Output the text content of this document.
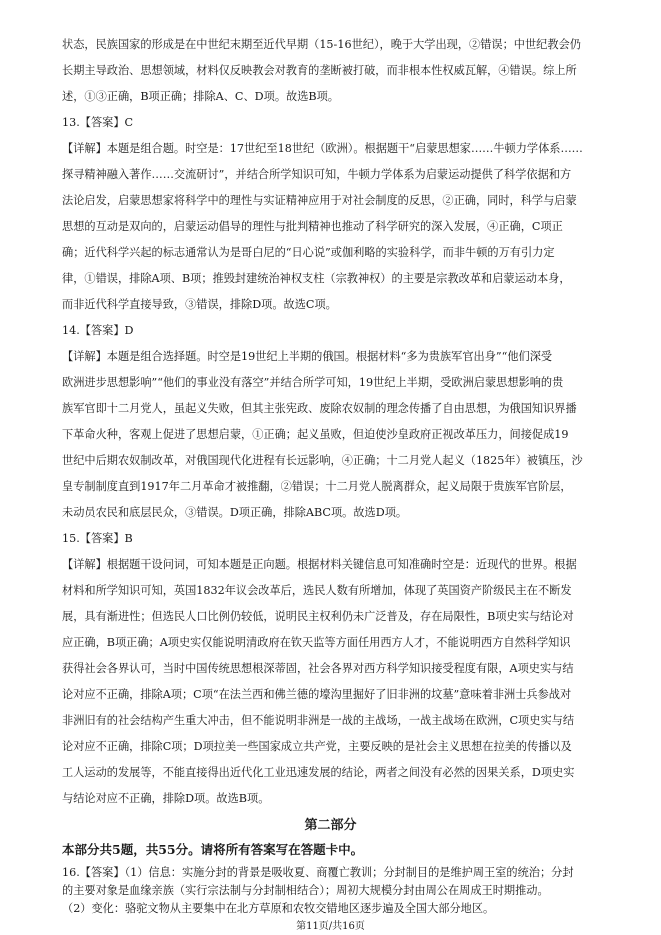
状态，民族国家的形成是在中世纪末期至近代早期（15-16世纪），晚于大学出现，②错误；中世纪教会仍
长期主导政治、思想领域，材料仅反映教会对教育的垄断被打破，而非根本性权威瓦解，④错误。综上所
述，①③正确，B项正确；排除A、C、D项。故选B项。
13.【答案】C
【详解】本题是组合题。时空是：17世纪至18世纪（欧洲）。根据题干“启蒙思想家……牛顿力学体系……
探寻精神融入著作……交流研讨”，并结合所学知识可知，牛顿力学体系为启蒙运动提供了科学依据和方
法论启发，启蒙思想家将科学中的理性与实证精神应用于对社会制度的反思，②正确，同时，科学与启蒙
思想的互动是双向的，启蒙运动倡导的理性与批判精神也推动了科学研究的深入发展，④正确，C项正
确；近代科学兴起的标志通常认为是哥白尼的“日心说”或伽利略的实验科学，而非牛顿的万有引力定
律，①错误，排除A项、B项；推毁封建统治神权支柱（宗教神权）的主要是宗教改革和启蒙运动本身，
而非近代科学直接导致，③错误，排除D项。故选C项。
14.【答案】D
【详解】本题是组合选择题。时空是19世纪上半期的俄国。根据材料“多为贵族军官出身”“他们深受
欧洲进步思想影响”“他们的事业没有落空”并结合所学可知，19世纪上半期，受欧洲启蒙思想影响的贵
族军官即十二月党人，虽起义失败，但其主张宪政、废除农奴制的理念传播了自由思想，为俄国知识界播
下革命火种，客观上促进了思想启蒙，①正确；起义虽败，但迫使沙皇政府正视改革压力，间接促成19
世纪中后期农奴制改革，对俄国现代化进程有长远影响，④正确；十二月党人起义（1825年）被镇压，沙
皇专制制度直到1917年二月革命才被推翻，②错误；十二月党人脱离群众，起义局限于贵族军官阶层，
未动员农民和底层民众，③错误。D项正确，排除ABC项。故选D项。
15.【答案】B
【详解】根据题干设问词，可知本题是正向题。根据材料关键信息可知准确时空是：近现代的世界。根据
材料和所学知识可知，英国1832年议会改革后，选民人数有所增加，体现了英国资产阶级民主在不断发
展，具有渐进性；但选民人口比例仍较低，说明民主权利仍未广泛普及，存在局限性，B项史实与结论对
应正确，B项正确；A项史实仅能说明清政府在钦天监等方面任用西方人才，不能说明西方自然科学知识
获得社会各界认可，当时中国传统思想根深蒂固，社会各界对西方科学知识接受程度有限，A项史实与结
论对应不正确，排除A项；C项“在法兰西和佛兰德的壕沟里掘好了旧非洲的坟墓”意味着非洲士兵参战对
非洲旧有的社会结构产生重大冲击，但不能说明非洲是一战的主战场，一战主战场在欧洲，C项史实与结
论对应不正确，排除C项；D项拉美一些国家成立共产党，主要反映的是社会主义思想在拉美的传播以及
工人运动的发展等，不能直接得出近代化工业迅速发展的结论，两者之间没有必然的因果关系，D项史实
与结论对应不正确，排除D项。故选B项。
第二部分
本部分共5题，共55分。请将所有答案写在答题卡中。
16.【答案】（1）信息：实施分封的背景是吸收夏、商覆亡教训；分封制目的是维护周王室的统治；分封
的主要对象是血缘亲族（实行宗法制与分封制相结合）；周初大规模分封由周公在周成王时期推动。
（2）变化：骆驼文物从主要集中在北方草原和农牧交错地区逐步遍及全国大部分地区。
第11页/共16页
